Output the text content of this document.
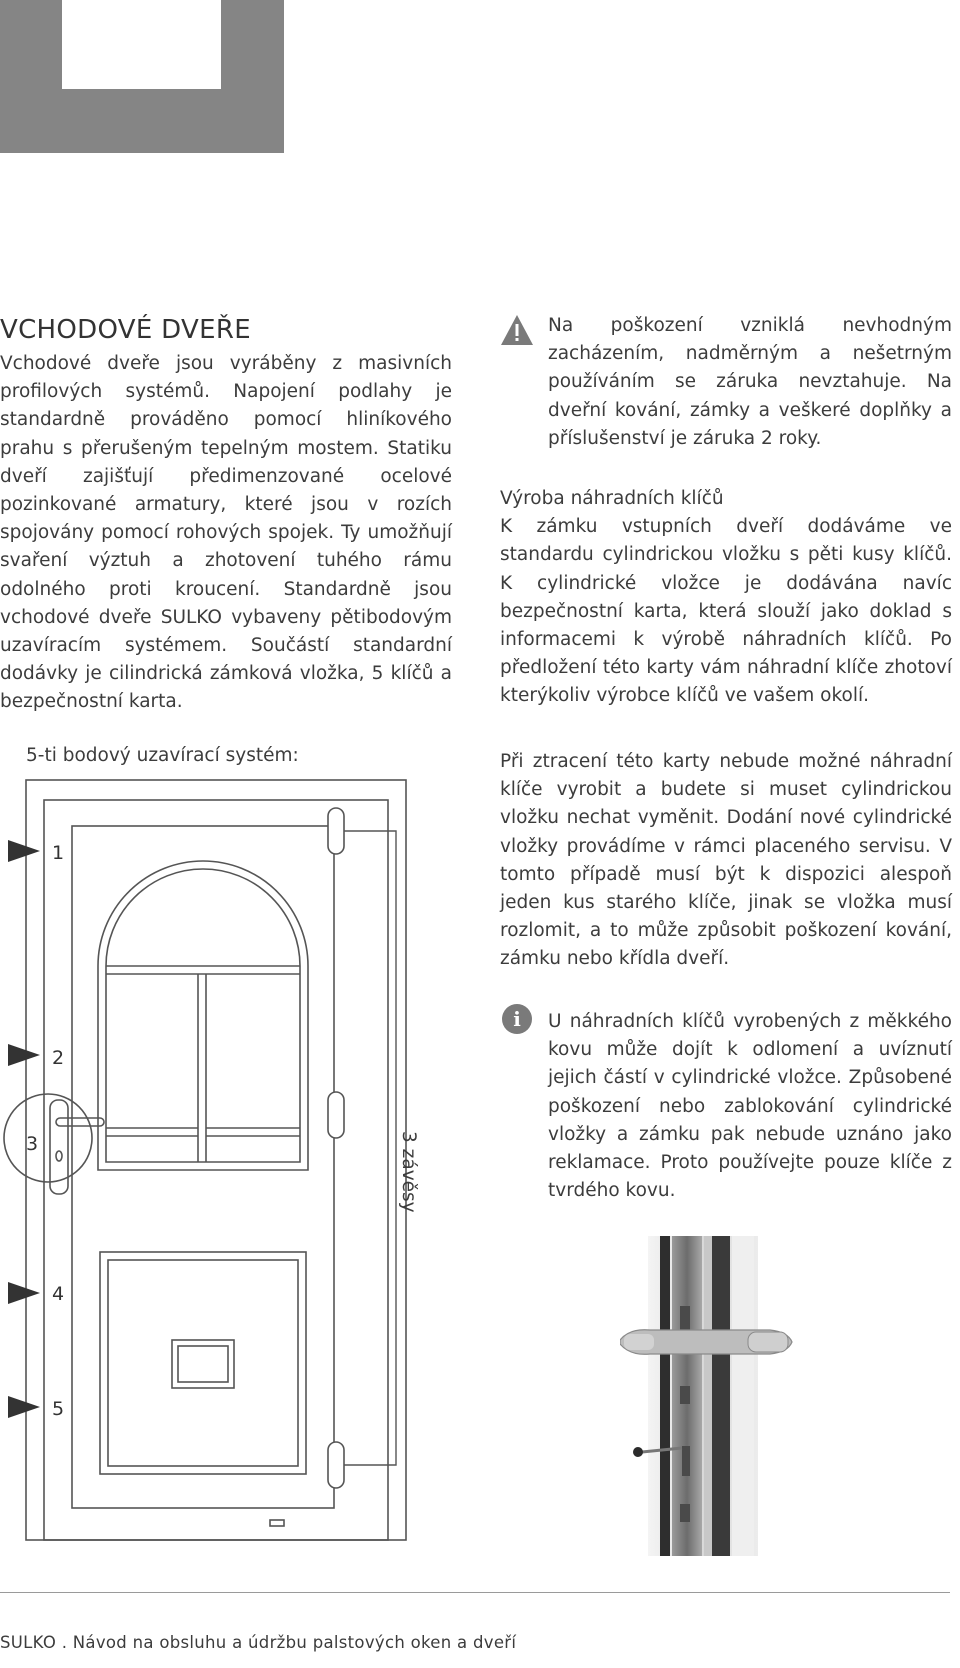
VCHODOVÉ DVEŘE

Vchodové dveře jsou vyráběny z masivních profilových systémů. Napojení podlahy je standardně prováděno pomocí hliníkového prahu s přerušeným tepelným mostem. Statiku dveří zajišťují předimenzované ocelové pozinkované armatury, které jsou v rozích spojovány pomocí rohových spojek. Ty umožňují svaření výztuh a zhotovení tuhého rámu odolného proti kroucení. Standardně jsou vchodové dveře SULKO vybaveny pětibodovým uzavíracím systémem. Součástí standardní dodávky je cilindrická zámková vložka, 5 klíčů a bezpečnostní karta.

5-ti bodový uzavírací systém:
1
2
3
4
5
3 závěsy
Na poškození vzniklá nevhodným zacházením, nadměrným a nešetrným používáním se záruka nevztahuje. Na dveřní kování, zámky a veškeré doplňky a příslušenství je záruka 2 roky.

Výroba náhradních klíčů

K zámku vstupních dveří dodáváme ve standardu cylindrickou vložku s pěti kusy klíčů. K cylindrické vložce je dodávána navíc bezpečnostní karta, která slouží jako doklad s informacemi k výrobě náhradních klíčů. Po předložení této karty vám náhradní klíče zhotoví kterýkoliv výrobce klíčů ve vašem okolí.

Při ztracení této karty nebude možné náhradní klíče vyrobit a budete si muset cylindrickou vložku nechat vyměnit. Dodání nové cylindrické vložky provádíme v rámci placeného servisu. V tomto případě musí být k dispozici alespoň jeden kus starého klíče, jinak se vložka musí rozlomit, a to může způsobit poškození kování, zámku nebo křídla dveří.

i	U náhradních klíčů vyrobených z měkkého kovu může dojít k odlomení a uvíznutí jejich částí v cylindrické vložce. Způsobené poškození nebo zablokování cylindrické vložky a zámku pak nebude uznáno jako reklamace. Proto používejte pouze klíče z tvrdého kovu.
SULKO . Návod na obsluhu a údržbu palstových oken a dveří
